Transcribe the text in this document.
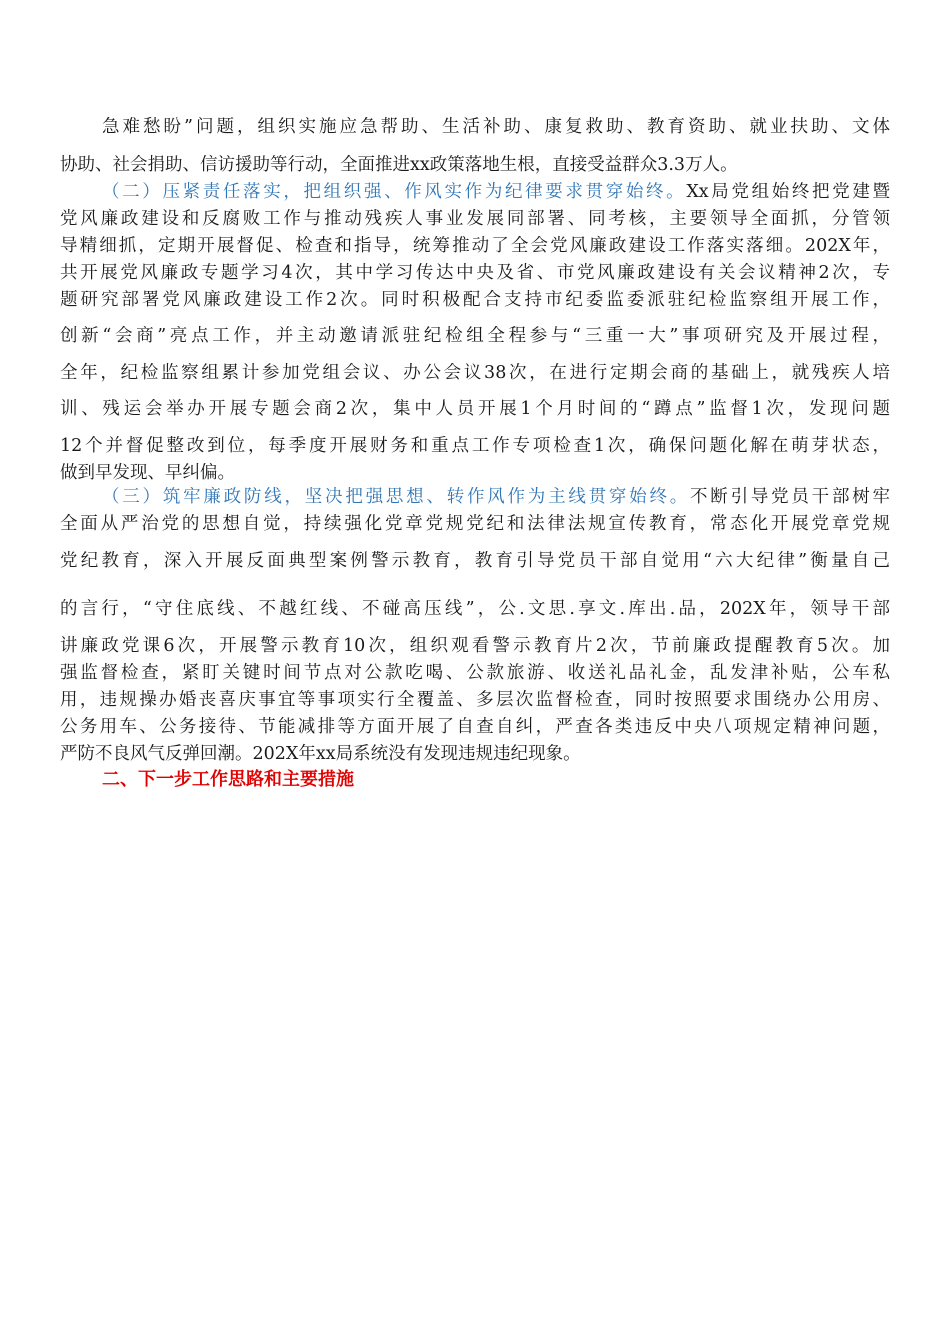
急难愁盼”问题，组织实施应急帮助、生活补助、康复救助、教育资助、就业扶助、文体
协助、社会捐助、信访援助等行动，全面推进xx政策落地生根，直接受益群众3.3万人。
（二）压紧责任落实，把组织强、作风实作为纪律要求贯穿始终。Xx局党组始终把党建暨
党风廉政建设和反腐败工作与推动残疾人事业发展同部署、同考核，主要领导全面抓，分管领
导精细抓，定期开展督促、检查和指导，统筹推动了全会党风廉政建设工作落实落细。202X年，
共开展党风廉政专题学习4次，其中学习传达中央及省、市党风廉政建设有关会议精神2次，专
题研究部署党风廉政建设工作2次。同时积极配合支持市纪委监委派驻纪检监察组开展工作，
创新“会商”亮点工作，并主动邀请派驻纪检组全程参与“三重一大”事项研究及开展过程，
全年，纪检监察组累计参加党组会议、办公会议38次，在进行定期会商的基础上，就残疾人培
训、残运会举办开展专题会商2次，集中人员开展1个月时间的“蹲点”监督1次，发现问题
12个并督促整改到位，每季度开展财务和重点工作专项检查1次，确保问题化解在萌芽状态，
做到早发现、早纠偏。
（三）筑牢廉政防线，坚决把强思想、转作风作为主线贯穿始终。不断引导党员干部树牢
全面从严治党的思想自觉，持续强化党章党规党纪和法律法规宣传教育，常态化开展党章党规
党纪教育，深入开展反面典型案例警示教育，教育引导党员干部自觉用“六大纪律”衡量自己
的言行，“守住底线、不越红线、不碰高压线”，公.文思.享文.库出.品，202X年，领导干部
讲廉政党课6次，开展警示教育10次，组织观看警示教育片2次，节前廉政提醒教育5次。加
强监督检查，紧盯关键时间节点对公款吃喝、公款旅游、收送礼品礼金，乱发津补贴，公车私
用，违规操办婚丧喜庆事宜等事项实行全覆盖、多层次监督检查，同时按照要求围绕办公用房、
公务用车、公务接待、节能减排等方面开展了自查自纠，严查各类违反中央八项规定精神问题，
严防不良风气反弹回潮。202X年xx局系统没有发现违规违纪现象。
二、下一步工作思路和主要措施
